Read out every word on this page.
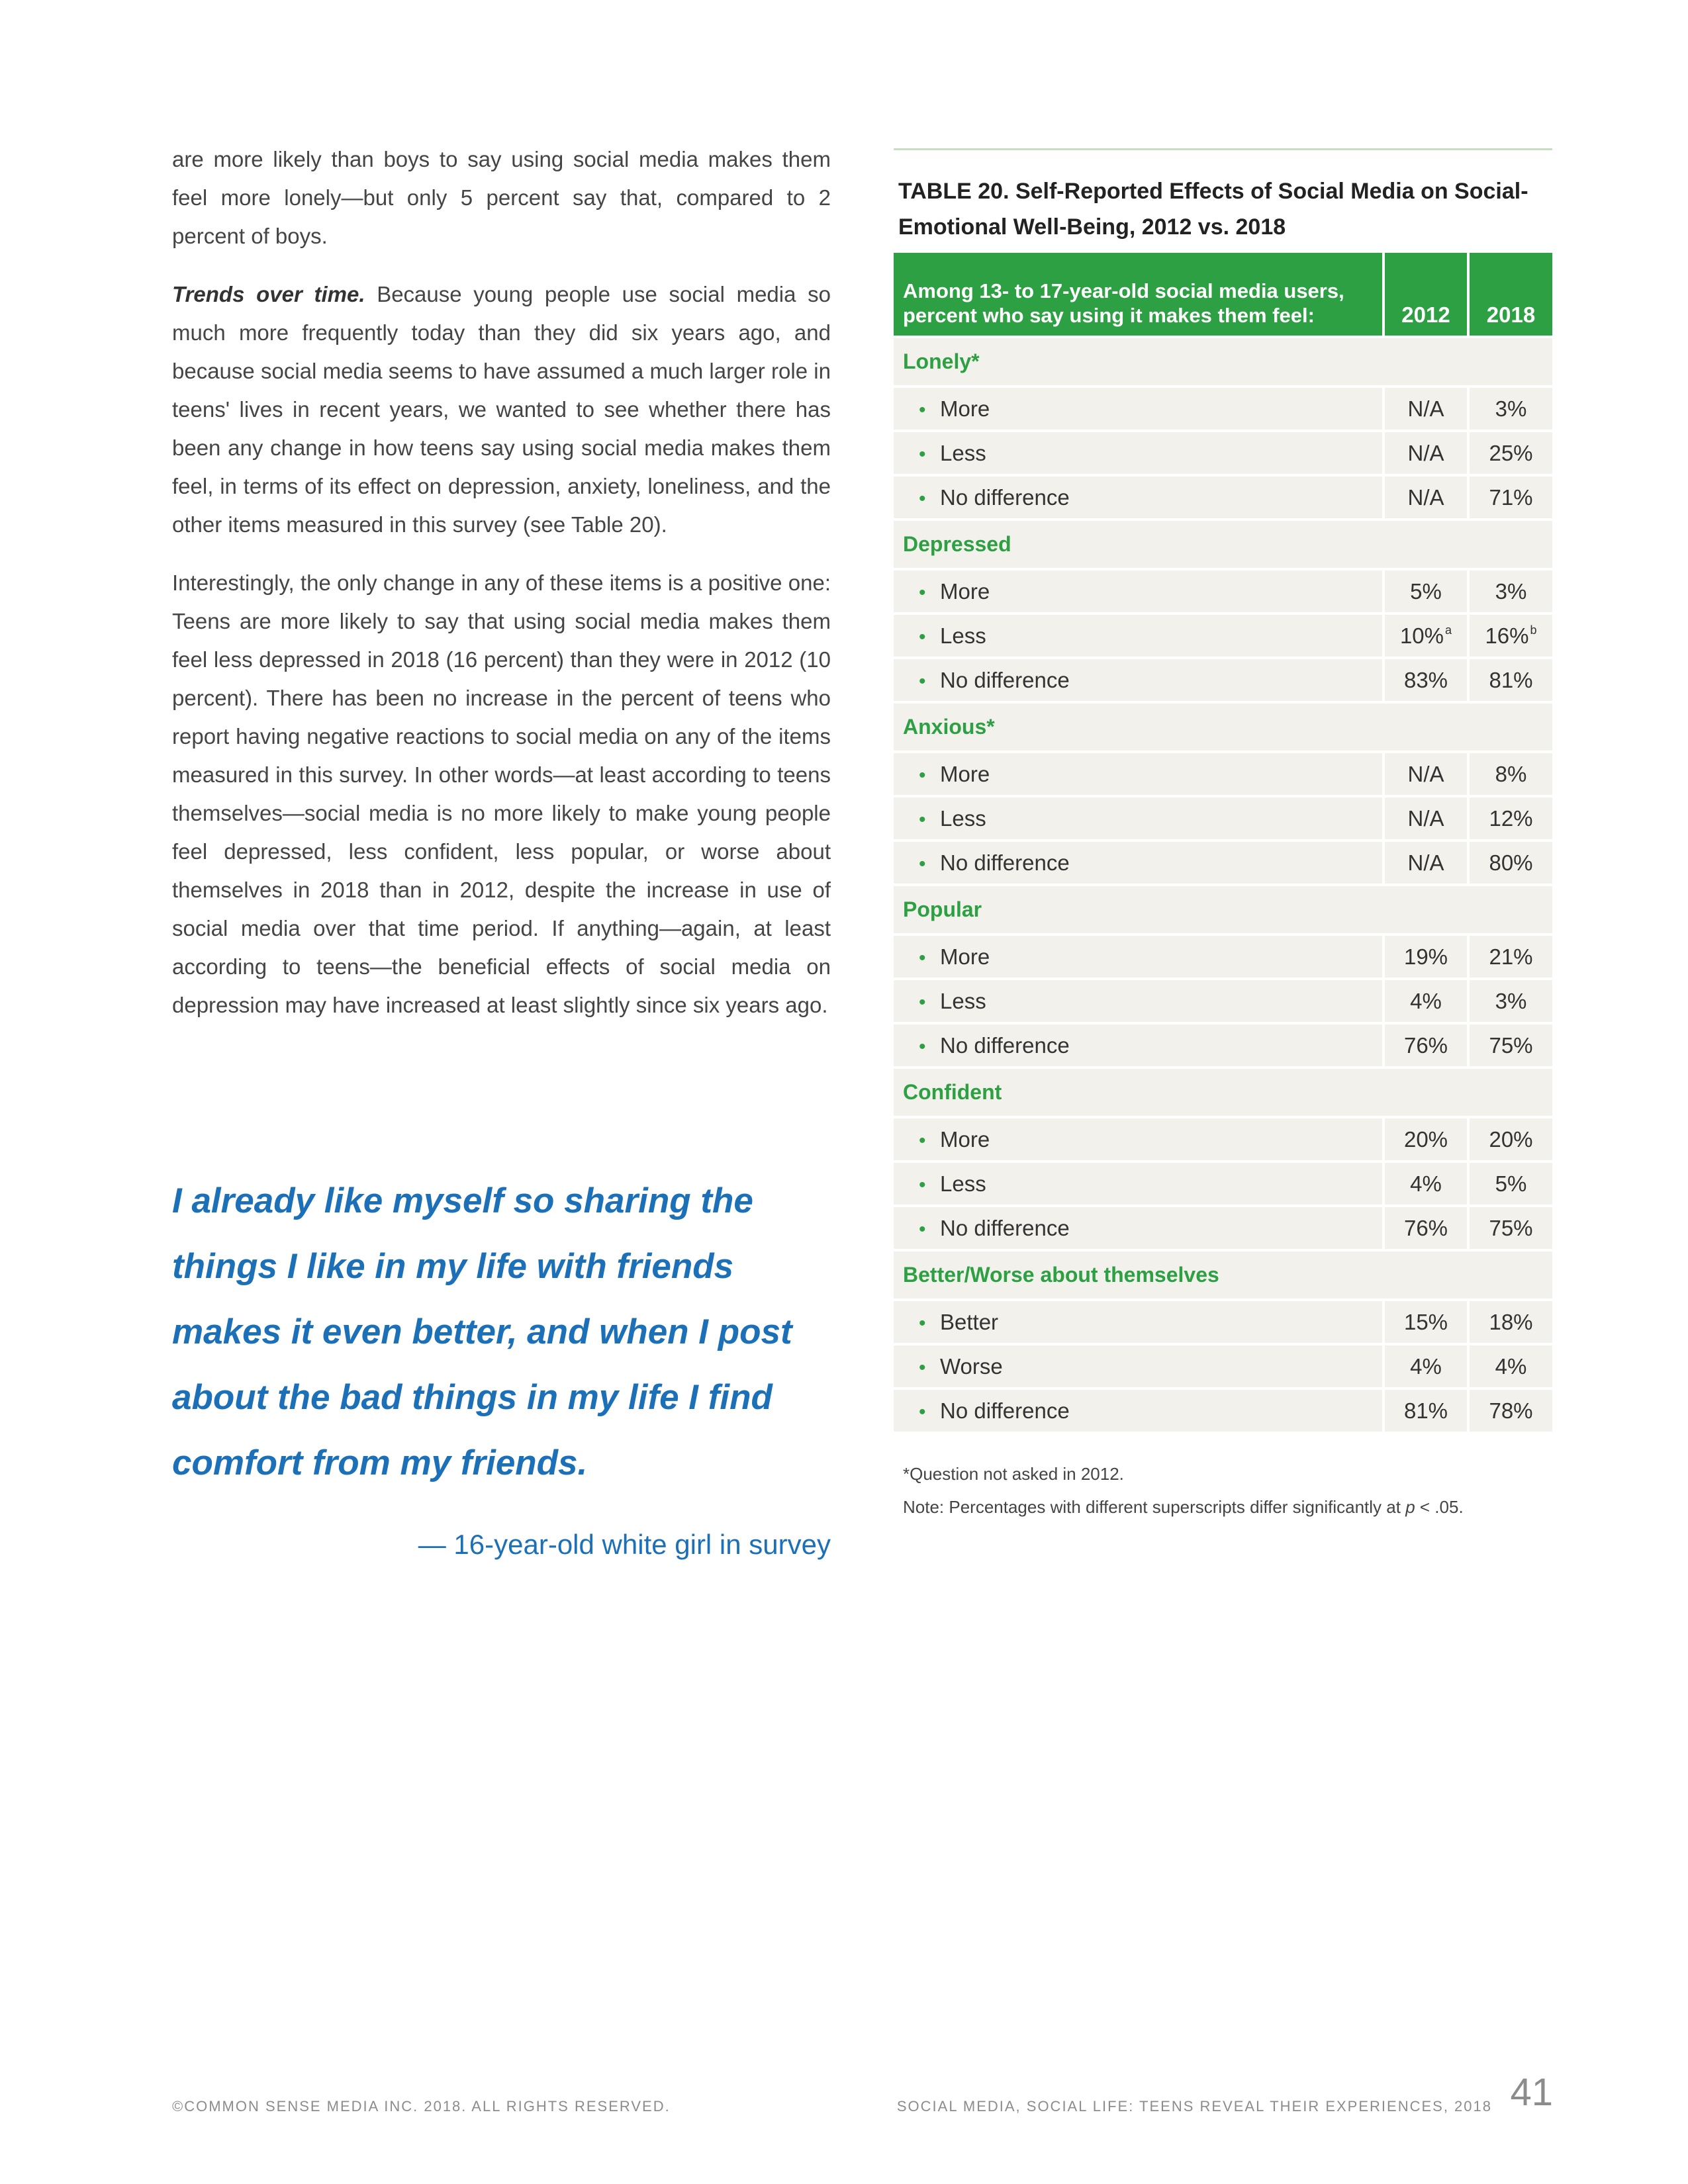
are more likely than boys to say using social media makes them feel more lonely—but only 5 percent say that, compared to 2 percent of boys.

Trends over time. Because young people use social media so much more frequently today than they did six years ago, and because social media seems to have assumed a much larger role in teens' lives in recent years, we wanted to see whether there has been any change in how teens say using social media makes them feel, in terms of its effect on depression, anxiety, loneliness, and the other items measured in this survey (see Table 20).

Interestingly, the only change in any of these items is a positive one: Teens are more likely to say that using social media makes them feel less depressed in 2018 (16 percent) than they were in 2012 (10 percent). There has been no increase in the percent of teens who report having negative reactions to social media on any of the items measured in this survey. In other words—at least according to teens themselves—social media is no more likely to make young people feel depressed, less confident, less popular, or worse about themselves in 2018 than in 2012, despite the increase in use of social media over that time period. If anything—again, at least according to teens—the beneficial effects of social media on depression may have increased at least slightly since six years ago.

I already like myself so sharing the things I like in my life with friends makes it even better, and when I post about the bad things in my life I find comfort from my friends.

— 16-year-old white girl in survey
TABLE 20. Self-Reported Effects of Social Media on Social-Emotional Well-Being, 2012 vs. 2018
Among 13- to 17-year-old social media users, percent who say using it makes them feel:	2012	2018
Lonely*		
• More	N/A	3%
• Less	N/A	25%
• No difference	N/A	71%
Depressed		
• More	5%	3%
• Less	10% $^a$	16% $^b$
• No difference	83%	81%
Anxious*		
• More	N/A	8%
• Less	N/A	12%
• No difference	N/A	80%
Popular		
• More	19%	21%
• Less	4%	3%
• No difference	76%	75%
Confident		
• More	20%	20%
• Less	4%	5%
• No difference	76%	75%
Better/Worse about themselves		
• Better	15%	18%
• Worse	4%	4%
• No difference	81%	78%

*Question not asked in 2012.

Note: Percentages with different superscripts differ significantly at p < .05.

©COMMON SENSE MEDIA INC. 2018. ALL RIGHTS RESERVED.	SOCIAL MEDIA, SOCIAL LIFE: TEENS REVEAL THEIR EXPERIENCES, 2018 41
